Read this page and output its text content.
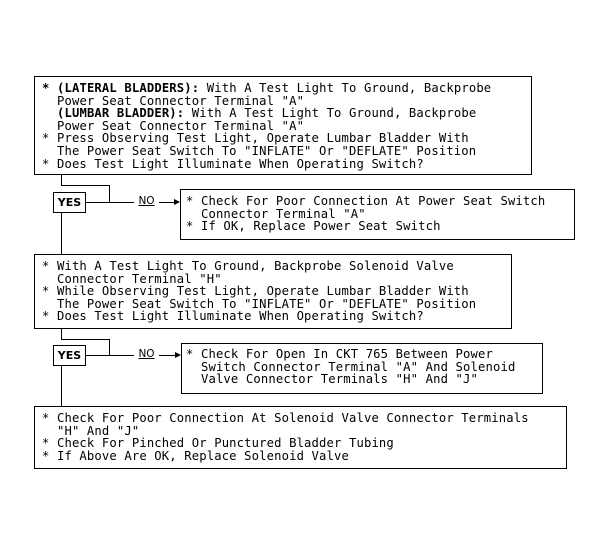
* (LATERAL BLADDERS): With A Test Light To Ground, Backprobe
Power Seat Connector Terminal "A"
(LUMBAR BLADDER): With A Test Light To Ground, Backprobe
Power Seat Connector Terminal "A"
* Press Observing Test Light, Operate Lumbar Bladder With
The Power Seat Switch To "INFLATE" Or "DEFLATE" Position
* Does Test Light Illuminate When Operating Switch?
YES	NO	* Check For Poor Connection At Power Seat Switch
Connector Terminal "A"
* If OK, Replace Power Seat Switch
* With A Test Light To Ground, Backprobe Solenoid Valve
Connector Terminal "H"
* While Observing Test Light, Operate Lumbar Bladder With
The Power Seat Switch To "INFLATE" Or "DEFLATE" Position
* Does Test Light Illuminate When Operating Switch?
YES	NO	* Check For Open In CKT 765 Between Power
Switch Connector Terminal "A" And Solenoid
Valve Connector Terminals "H" And "J"
* Check For Poor Connection At Solenoid Valve Connector Terminals
"H" And "J"
* Check For Pinched Or Punctured Bladder Tubing
* If Above Are OK, Replace Solenoid Valve
